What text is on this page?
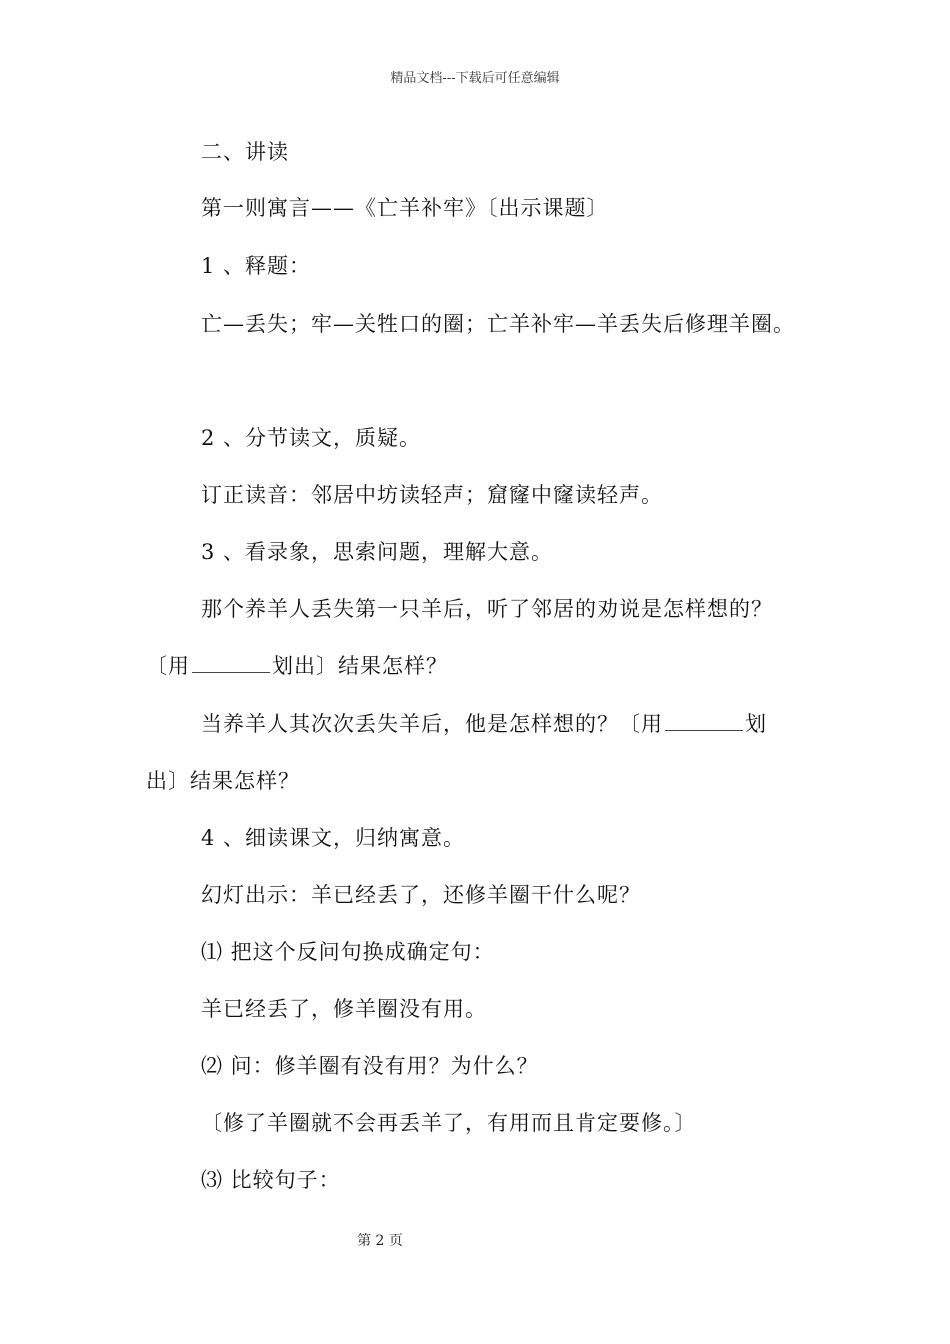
精品文档---下载后可任意编辑
二、讲读
第一则寓言——《亡羊补牢》〔出示课题〕
1 、释题：
亡—丢失；牢—关牲口的圈；亡羊补牢—羊丢失后修理羊圈。
2 、分节读文，质疑。
订正读音：邻居中坊读轻声；窟窿中窿读轻声。
3 、看录象，思索问题，理解大意。
那个养羊人丢失第一只羊后，听了邻居的劝说是怎样想的？
〔用	划出〕结果怎样？
当养羊人其次次丢失羊后，他是怎样想的？〔用	划
出〕结果怎样？
4 、细读课文，归纳寓意。
幻灯出示：羊已经丢了，还修羊圈干什么呢？
⑴ 把这个反问句换成确定句：
羊已经丢了，修羊圈没有用。
⑵ 问：修羊圈有没有用？为什么？
〔修了羊圈就不会再丢羊了，有用而且肯定要修。〕
⑶ 比较句子：
第 2 页
